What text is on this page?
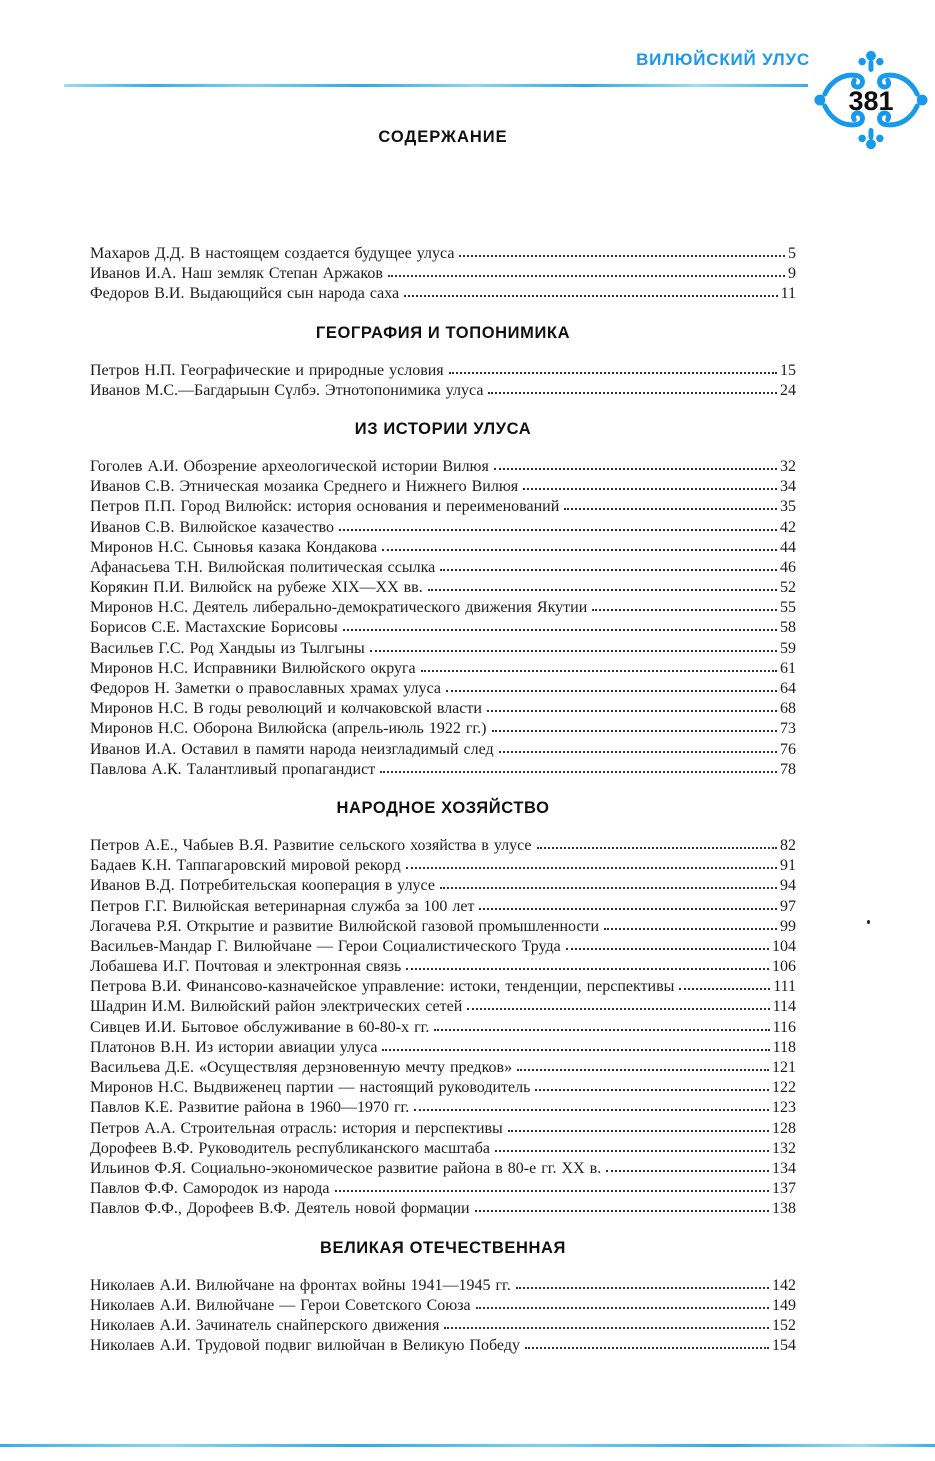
ВИЛЮЙСКИЙ УЛУС
381
СОДЕРЖАНИЕ
Махаров Д.Д. В настоящем создается будущее улуса	5
Иванов И.А. Наш земляк Степан Аржаков	9
Федоров В.И. Выдающийся сын народа саха	11
ГЕОГРАФИЯ И ТОПОНИМИКА
Петров Н.П. Географические и природные условия	15
Иванов М.С.—Багдарыын Сүлбэ. Этнотопонимика улуса	24
ИЗ ИСТОРИИ УЛУСА
Гоголев А.И. Обозрение археологической истории Вилюя	32
Иванов С.В. Этническая мозаика Среднего и Нижнего Вилюя	34
Петров П.П. Город Вилюйск: история основания и переименований	35
Иванов С.В. Вилюйское казачество	42
Миронов Н.С. Сыновья казака Кондакова	44
Афанасьева Т.Н. Вилюйская политическая ссылка	46
Корякин П.И. Вилюйск на рубеже XIX—XX вв.	52
Миронов Н.С. Деятель либерально-демократического движения Якутии	55
Борисов С.Е. Мастахские Борисовы	58
Васильев Г.С. Род Хандыы из Тылгыны	59
Миронов Н.С. Исправники Вилюйского округа	61
Федоров Н. Заметки о православных храмах улуса	64
Миронов Н.С. В годы революций и колчаковской власти	68
Миронов Н.С. Оборона Вилюйска (апрель-июль 1922 гг.)	73
Иванов И.А. Оставил в памяти народа неизгладимый след	76
Павлова А.К. Талантливый пропагандист	78
НАРОДНОЕ ХОЗЯЙСТВО
Петров А.Е., Чабыев В.Я. Развитие сельского хозяйства в улусе	82
Бадаев К.Н. Таппагаровский мировой рекорд	91
Иванов В.Д. Потребительская кооперация в улусе	94
Петров Г.Г. Вилюйская ветеринарная служба за 100 лет	97
Логачева Р.Я. Открытие и развитие Вилюйской газовой промышленности	99
Васильев-Мандар Г. Вилюйчане — Герои Социалистического Труда	104
Лобашева И.Г. Почтовая и электронная связь	106
Петрова В.И. Финансово-казначейское управление: истоки, тенденции, перспективы	111
Шадрин И.М. Вилюйский район электрических сетей	114
Сивцев И.И. Бытовое обслуживание в 60-80-х гг.	116
Платонов В.Н. Из истории авиации улуса	118
Васильева Д.Е. «Осуществляя дерзновенную мечту предков»	121
Миронов Н.С. Выдвиженец партии — настоящий руководитель	122
Павлов К.Е. Развитие района в 1960—1970 гг.	123
Петров А.А. Строительная отрасль: история и перспективы	128
Дорофеев В.Ф. Руководитель республиканского масштаба	132
Ильинов Ф.Я. Социально-экономическое развитие района в 80-е гг. XX в.	134
Павлов Ф.Ф. Самородок из народа	137
Павлов Ф.Ф., Дорофеев В.Ф. Деятель новой формации	138
ВЕЛИКАЯ ОТЕЧЕСТВЕННАЯ
Николаев А.И. Вилюйчане на фронтах войны 1941—1945 гг.	142
Николаев А.И. Вилюйчане — Герои Советского Союза	149
Николаев А.И. Зачинатель снайперского движения	152
Николаев А.И. Трудовой подвиг вилюйчан в Великую Победу	154
